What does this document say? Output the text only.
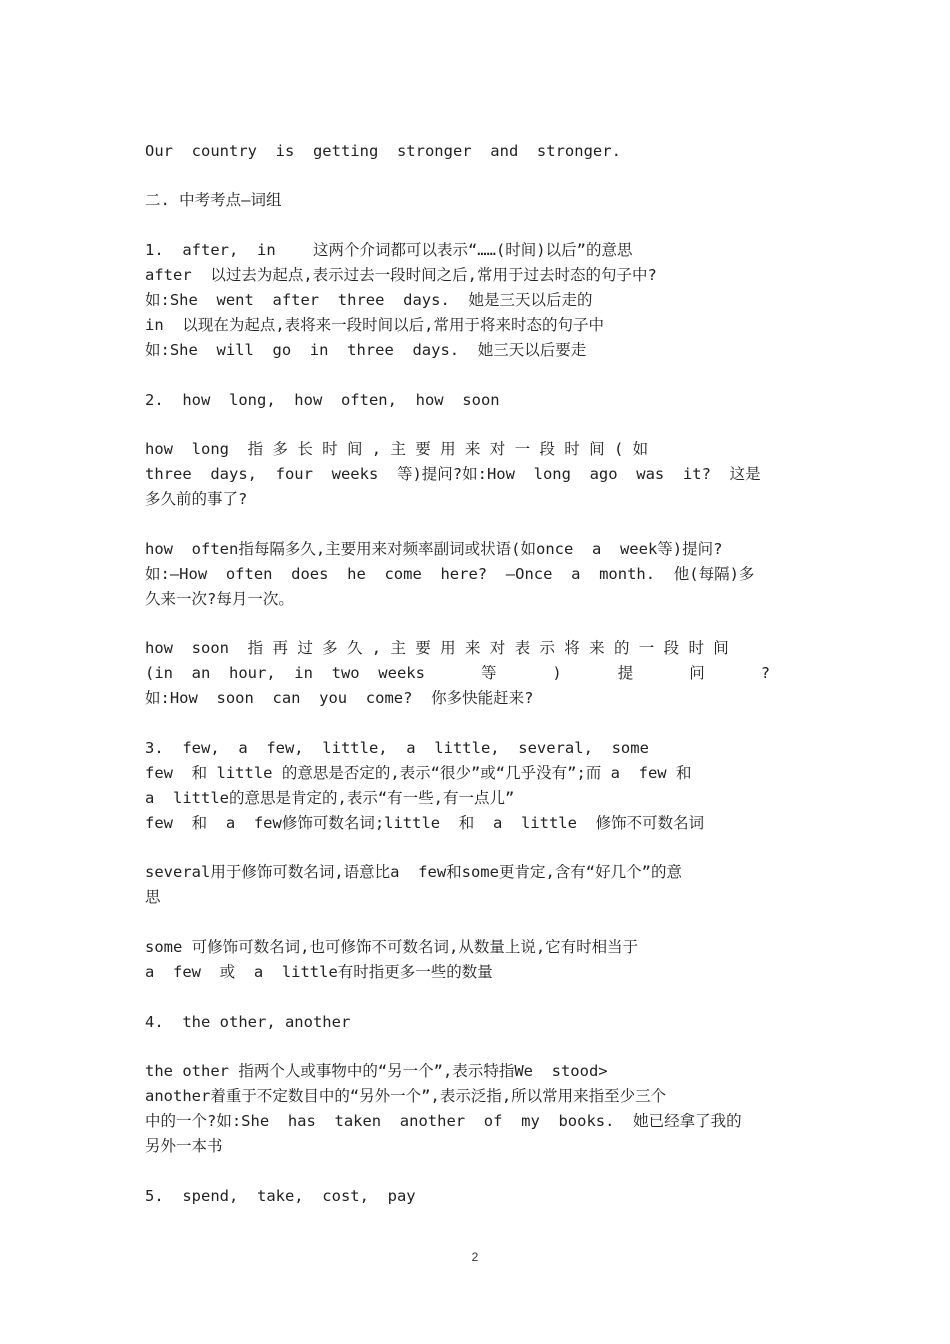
Our  country  is  getting  stronger  and  stronger.
二. 中考考点—词组
1.  after,  in    这两个介词都可以表示“……(时间)以后”的意思
after  以过去为起点,表示过去一段时间之后,常用于过去时态的句子中?
如:She  went  after  three  days.  她是三天以后走的
in  以现在为起点,表将来一段时间以后,常用于将来时态的句子中
如:She  will  go  in  three  days.  她三天以后要走
2.  how  long,  how  often,  how  soon
how  long  指 多 长 时 间 , 主 要 用 来 对 一 段 时 间 ( 如
three  days,  four  weeks  等)提问?如:How  long  ago  was  it?  这是
多久前的事了?
how  often指每隔多久,主要用来对频率副词或状语(如once  a  week等)提问?
如:—How  often  does  he  come  here?  —Once  a  month.  他(每隔)多
久来一次?每月一次。
how  soon  指 再 过 多 久 , 主 要 用 来 对 表 示 将 来 的 一 段 时 间
(in  an  hour,  in  two  weeks      等      )      提      问      ?
如:How  soon  can  you  come?  你多快能赶来?
3.  few,  a  few,  little,  a  little,  several,  some
few  和 little 的意思是否定的,表示“很少”或“几乎没有”;而 a  few 和
a  little的意思是肯定的,表示“有一些,有一点儿”
few  和  a  few修饰可数名词;little  和  a  little  修饰不可数名词
several用于修饰可数名词,语意比a  few和some更肯定,含有“好几个”的意
思
some 可修饰可数名词,也可修饰不可数名词,从数量上说,它有时相当于
a  few  或  a  little有时指更多一些的数量
4.  the other, another
the other 指两个人或事物中的“另一个”,表示特指We  stood>
another着重于不定数目中的“另外一个”,表示泛指,所以常用来指至少三个
中的一个?如:She  has  taken  another  of  my  books.  她已经拿了我的
另外一本书
5.  spend,  take,  cost,  pay
2
